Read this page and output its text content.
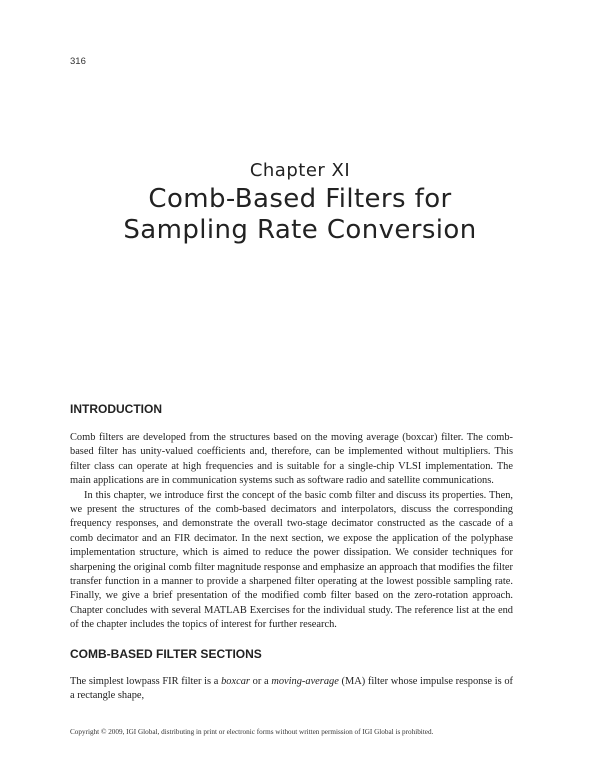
316
Chapter XI
Comb-Based Filters for
Sampling Rate Conversion
INTRODUCTION

Comb filters are developed from the structures based on the moving average (boxcar) filter. The comb-based filter has unity-valued coefficients and, therefore, can be implemented without multipliers. This filter class can operate at high frequencies and is suitable for a single-chip VLSI implementation. The main applications are in communication systems such as software radio and satellite communications.

In this chapter, we introduce first the concept of the basic comb filter and discuss its properties. Then, we present the structures of the comb-based decimators and interpolators, discuss the corresponding frequency responses, and demonstrate the overall two-stage decimator constructed as the cascade of a comb decimator and an FIR decimator. In the next section, we expose the application of the polyphase implementation structure, which is aimed to reduce the power dissipation. We consider techniques for sharpening the original comb filter magnitude response and emphasize an approach that modifies the filter transfer function in a manner to provide a sharpened filter operating at the lowest possible sampling rate. Finally, we give a brief presentation of the modified comb filter based on the zero-rotation approach. Chapter concludes with several MATLAB Exercises for the individual study. The reference list at the end of the chapter includes the topics of interest for further research.

COMB-BASED FILTER SECTIONS

The simplest lowpass FIR filter is a boxcar or a moving-average (MA) filter whose impulse response is of a rectangle shape,

Copyright © 2009, IGI Global, distributing in print or electronic forms without written permission of IGI Global is prohibited.
